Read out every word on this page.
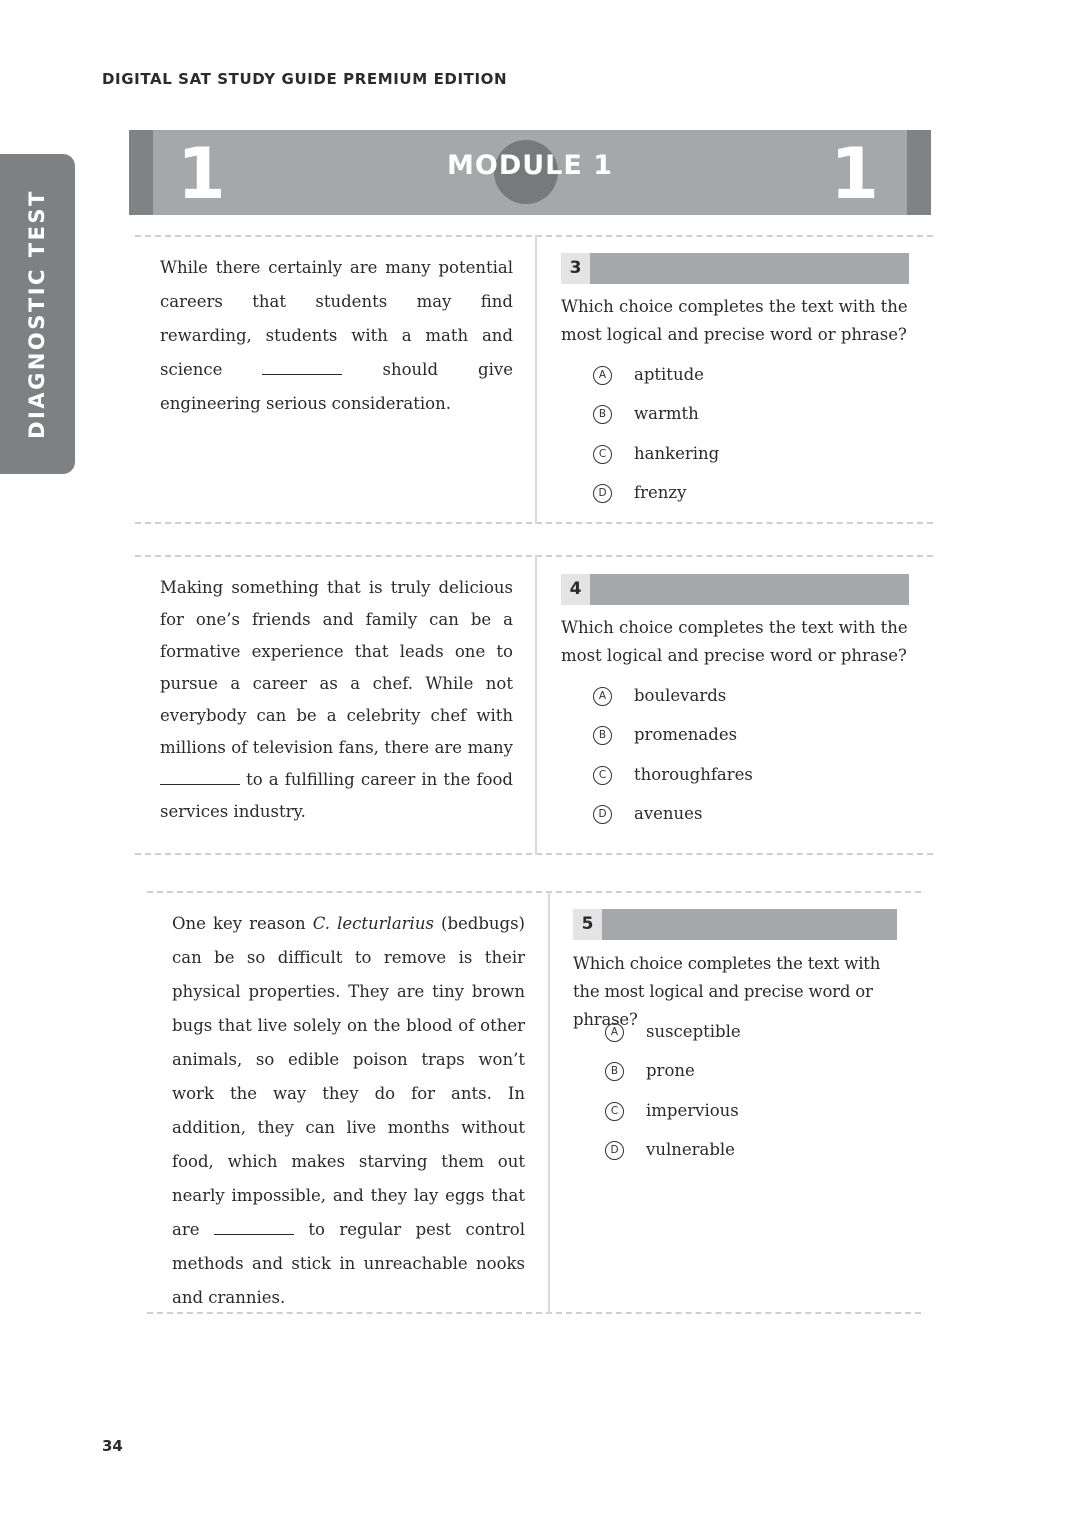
DIGITAL SAT STUDY GUIDE PREMIUM EDITION
DIAGNOSTIC TEST
1	MODULE 1	1
While there certainly are many potential careers that students may find rewarding, students with a math and science	should give engineering serious consideration.
3
Which choice completes the text with the most logical and precise word or phrase?
A	aptitude
B	warmth
C	hankering
D	frenzy
Making something that is truly delicious for one’s friends and family can be a formative experience that leads one to pursue a career as a chef. While not everybody can be a celebrity chef with millions of television fans, there are many  to a fulfilling career in the food services industry.
4
Which choice completes the text with the most logical and precise word or phrase?
A	boulevards
B	promenades
C	thoroughfares
D	avenues
One key reason C. lecturlarius (bedbugs) can be so difficult to remove is their physical properties. They are tiny brown bugs that live solely on the blood of other animals, so edible poison traps won’t work the way they do for ants. In addition, they can live months without food, which makes starving them out nearly impossible, and they lay eggs that are	to regular pest control methods and stick in unreachable nooks and crannies.
5
Which choice completes the text with the most logical and precise word or phrase?
A	susceptible
B	prone
C	impervious
D	vulnerable
34
